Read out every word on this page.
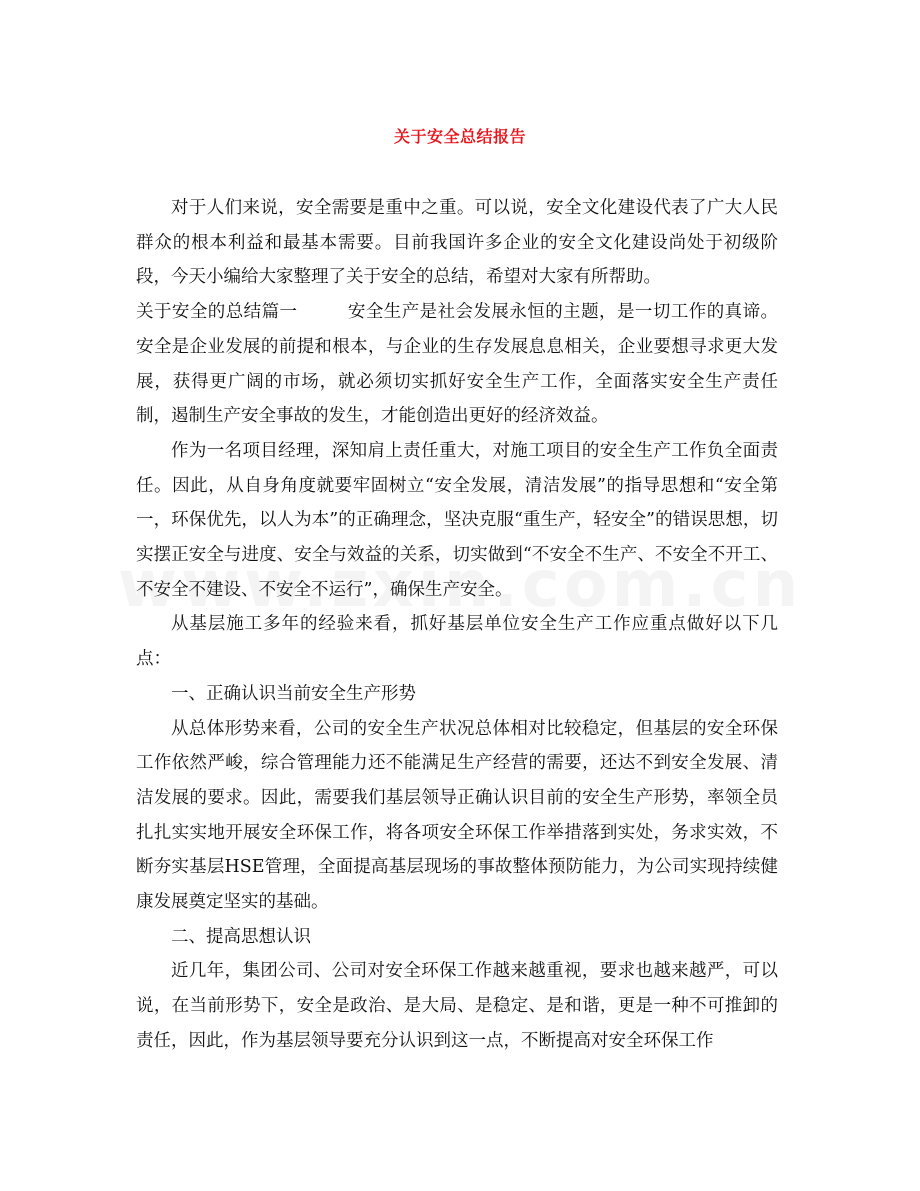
关于安全总结报告

对于人们来说，安全需要是重中之重。可以说，安全文化建设代表了广大人民群众的根本利益和最基本需要。目前我国许多企业的安全文化建设尚处于初级阶段，今天小编给大家整理了关于安全的总结，希望对大家有所帮助。

关于安全的总结篇一	安全生产是社会发展永恒的主题，是一切工作的真谛。安全是企业发展的前提和根本，与企业的生存发展息息相关，企业要想寻求更大发展，获得更广阔的市场，就必须切实抓好安全生产工作，全面落实安全生产责任制，遏制生产安全事故的发生，才能创造出更好的经济效益。

作为一名项目经理，深知肩上责任重大，对施工项目的安全生产工作负全面责任。因此，从自身角度就要牢固树立“安全发展，清洁发展”的指导思想和“安全第一，环保优先，以人为本”的正确理念，坚决克服“重生产，轻安全”的错误思想，切实摆正安全与进度、安全与效益的关系，切实做到“不安全不生产、不安全不开工、不安全不建设、不安全不运行”，确保生产安全。

从基层施工多年的经验来看，抓好基层单位安全生产工作应重点做好以下几点：

一、正确认识当前安全生产形势

从总体形势来看，公司的安全生产状况总体相对比较稳定，但基层的安全环保工作依然严峻，综合管理能力还不能满足生产经营的需要，还达不到安全发展、清洁发展的要求。因此，需要我们基层领导正确认识目前的安全生产形势，率领全员扎扎实实地开展安全环保工作，将各项安全环保工作举措落到实处，务求实效，不断夯实基层HSE管理，全面提高基层现场的事故整体预防能力，为公司实现持续健康发展奠定坚实的基础。

二、提高思想认识

近几年，集团公司、公司对安全环保工作越来越重视，要求也越来越严，可以说，在当前形势下，安全是政治、是大局、是稳定、是和谐，更是一种不可推卸的责任，因此，作为基层领导要充分认识到这一点，不断提高对安全环保工作
